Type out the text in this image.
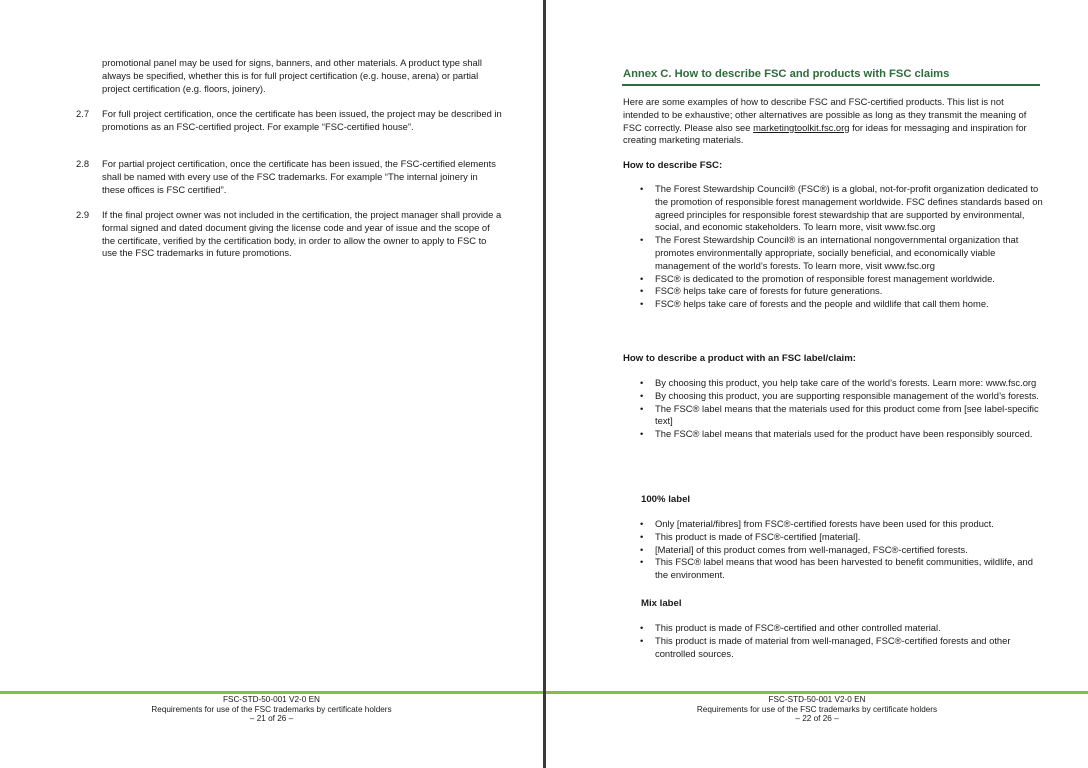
promotional panel may be used for signs, banners, and other materials. A product type shall always be specified, whether this is for full project certification (e.g. house, arena) or partial project certification (e.g. floors, joinery).
2.7 For full project certification, once the certificate has been issued, the project may be described in promotions as an FSC-certified project. For example “FSC-certified house”.
2.8 For partial project certification, once the certificate has been issued, the FSC-certified elements shall be named with every use of the FSC trademarks. For example “The internal joinery in these offices is FSC certified”.
2.9 If the final project owner was not included in the certification, the project manager shall provide a formal signed and dated document giving the license code and year of issue and the scope of the certificate, verified by the certification body, in order to allow the owner to apply to FSC to use the FSC trademarks in future promotions.
FSC-STD-50-001 V2-0 EN
Requirements for use of the FSC trademarks by certificate holders
– 21 of 26 –
Annex C. How to describe FSC and products with FSC claims
Here are some examples of how to describe FSC and FSC-certified products. This list is not intended to be exhaustive; other alternatives are possible as long as they transmit the meaning of FSC correctly. Please also see marketingtoolkit.fsc.org for ideas for messaging and inspiration for creating marketing materials.
How to describe FSC:
• The Forest Stewardship Council® (FSC®) is a global, not-for-profit organization dedicated to the promotion of responsible forest management worldwide. FSC defines standards based on agreed principles for responsible forest stewardship that are supported by environmental, social, and economic stakeholders. To learn more, visit www.fsc.org
• The Forest Stewardship Council® is an international nongovernmental organization that promotes environmentally appropriate, socially beneficial, and economically viable management of the world’s forests. To learn more, visit www.fsc.org
• FSC® is dedicated to the promotion of responsible forest management worldwide.
• FSC® helps take care of forests for future generations.
• FSC® helps take care of forests and the people and wildlife that call them home.
How to describe a product with an FSC label/claim:
• By choosing this product, you help take care of the world’s forests. Learn more: www.fsc.org
• By choosing this product, you are supporting responsible management of the world’s forests.
• The FSC® label means that the materials used for this product come from [see label-specific text]
• The FSC® label means that materials used for the product have been responsibly sourced.
100% label
• Only [material/fibres] from FSC®-certified forests have been used for this product.
• This product is made of FSC®-certified [material].
• [Material] of this product comes from well-managed, FSC®-certified forests.
• This FSC® label means that wood has been harvested to benefit communities, wildlife, and the environment.
Mix label
• This product is made of FSC®-certified and other controlled material.
• This product is made of material from well-managed, FSC®-certified forests and other controlled sources.
FSC-STD-50-001 V2-0 EN
Requirements for use of the FSC trademarks by certificate holders
– 22 of 26 –
